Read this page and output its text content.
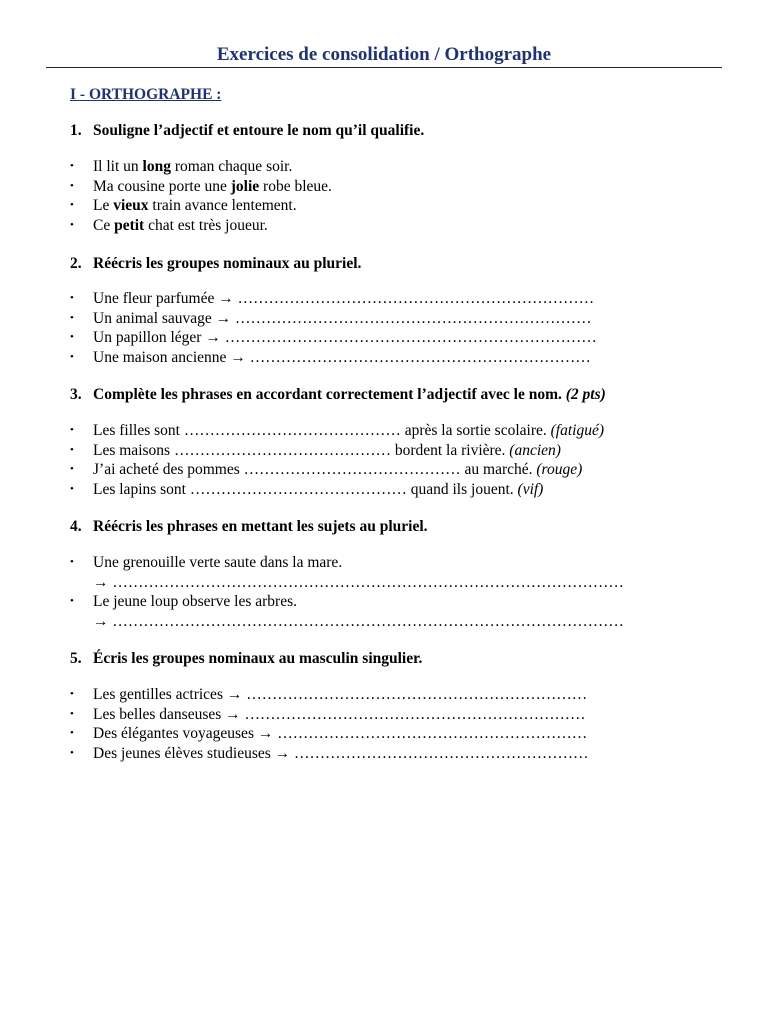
Exercices de consolidation / Orthographe
I - ORTHOGRAPHE :
1. Souligne l’adjectif et entoure le nom qu’il qualifie.
• Il lit un long roman chaque soir.
• Ma cousine porte une jolie robe bleue.
• Le vieux train avance lentement.
• Ce petit chat est très joueur.
2. Réécris les groupes nominaux au pluriel.
• Une fleur parfumée → ……………………………………………………………
• Un animal sauvage → ……………………………………………………………
• Un papillon léger → ………………………………………………………………
• Une maison ancienne → …………………………………………………………
3. Complète les phrases en accordant correctement l’adjectif avec le nom. (2 pts)
• Les filles sont …………………………………… après la sortie scolaire. (fatigué)
• Les maisons …………………………………… bordent la rivière. (ancien)
• J’ai acheté des pommes …………………………………… au marché. (rouge)
• Les lapins sont …………………………………… quand ils jouent. (vif)
4. Réécris les phrases en mettant les sujets au pluriel.
• Une grenouille verte saute dans la mare.
→ ………………………………………………………………………………………
• Le jeune loup observe les arbres.
→ ………………………………………………………………………………………
5. Écris les groupes nominaux au masculin singulier.
• Les gentilles actrices → …………………………………………………………
• Les belles danseuses → …………………………………………………………
• Des élégantes voyageuses → ……………………………………………………
• Des jeunes élèves studieuses → …………………………………………………
